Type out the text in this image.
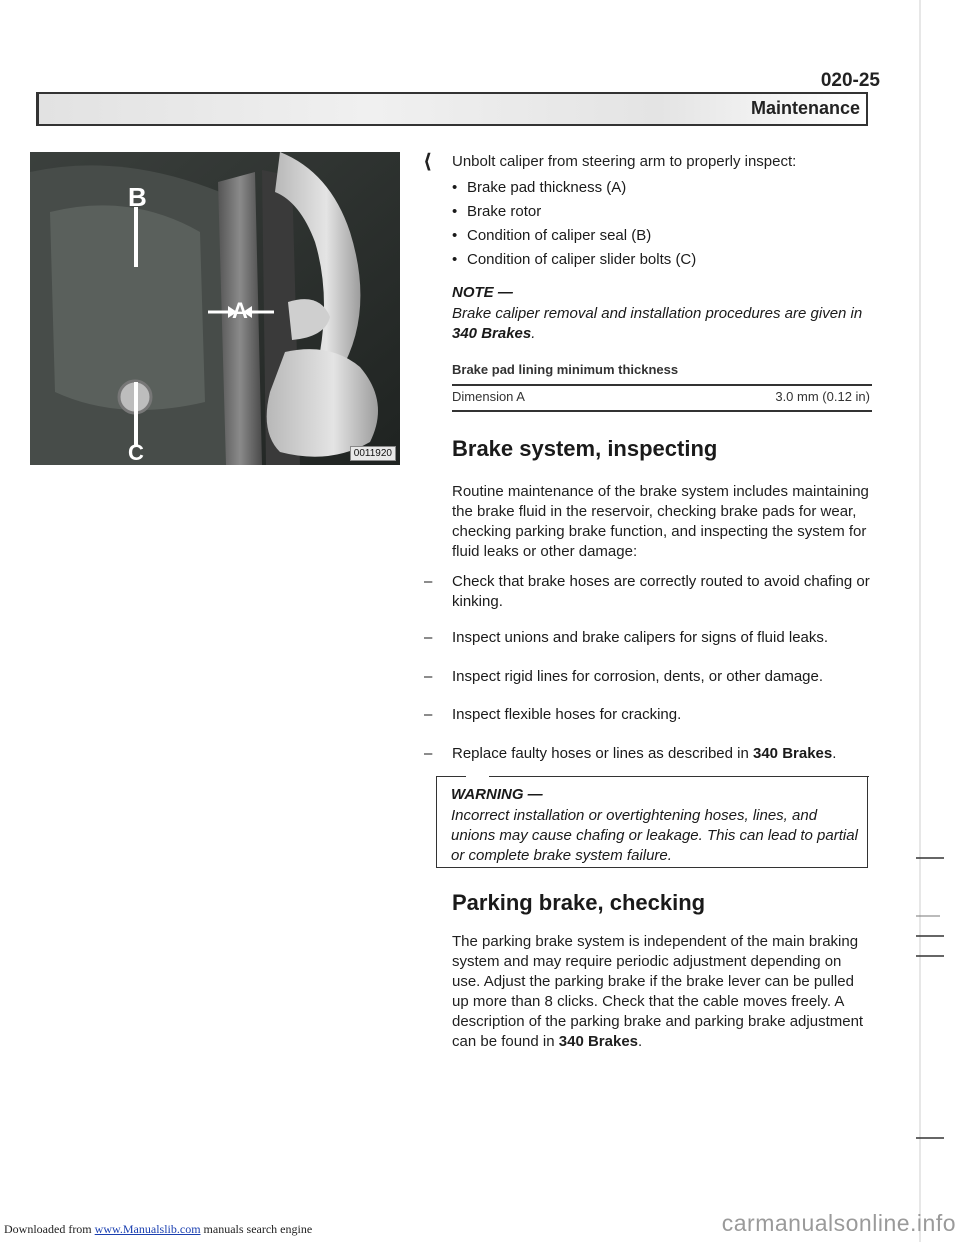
020-25
Maintenance
B
A
C	0011920
⟨ Unbolt caliper from steering arm to properly inspect:
• Brake pad thickness (A)
• Brake rotor
• Condition of caliper seal (B)
• Condition of caliper slider bolts (C)
NOTE —
Brake caliper removal and installation procedures are given in 340 Brakes.
Brake pad lining minimum thickness
Dimension A	3.0 mm (0.12 in)
Brake system, inspecting
Routine maintenance of the brake system includes maintaining the brake fluid in the reservoir, checking brake pads for wear, checking parking brake function, and inspecting the system for fluid leaks or other damage:
– Check that brake hoses are correctly routed to avoid chafing or kinking.
– Inspect unions and brake calipers for signs of fluid leaks.
– Inspect rigid lines for corrosion, dents, or other damage.
– Inspect flexible hoses for cracking.
– Replace faulty hoses or lines as described in 340 Brakes.
WARNING —
Incorrect installation or overtightening hoses, lines, and unions may cause chafing or leakage. This can lead to partial or complete brake system failure.
Parking brake, checking
The parking brake system is independent of the main braking system and may require periodic adjustment depending on use. Adjust the parking brake if the brake lever can be pulled up more than 8 clicks. Check that the cable moves freely. A description of the parking brake and parking brake adjustment can be found in 340 Brakes.
Downloaded from www.Manualslib.com manuals search engine	carmanualsonline.info
